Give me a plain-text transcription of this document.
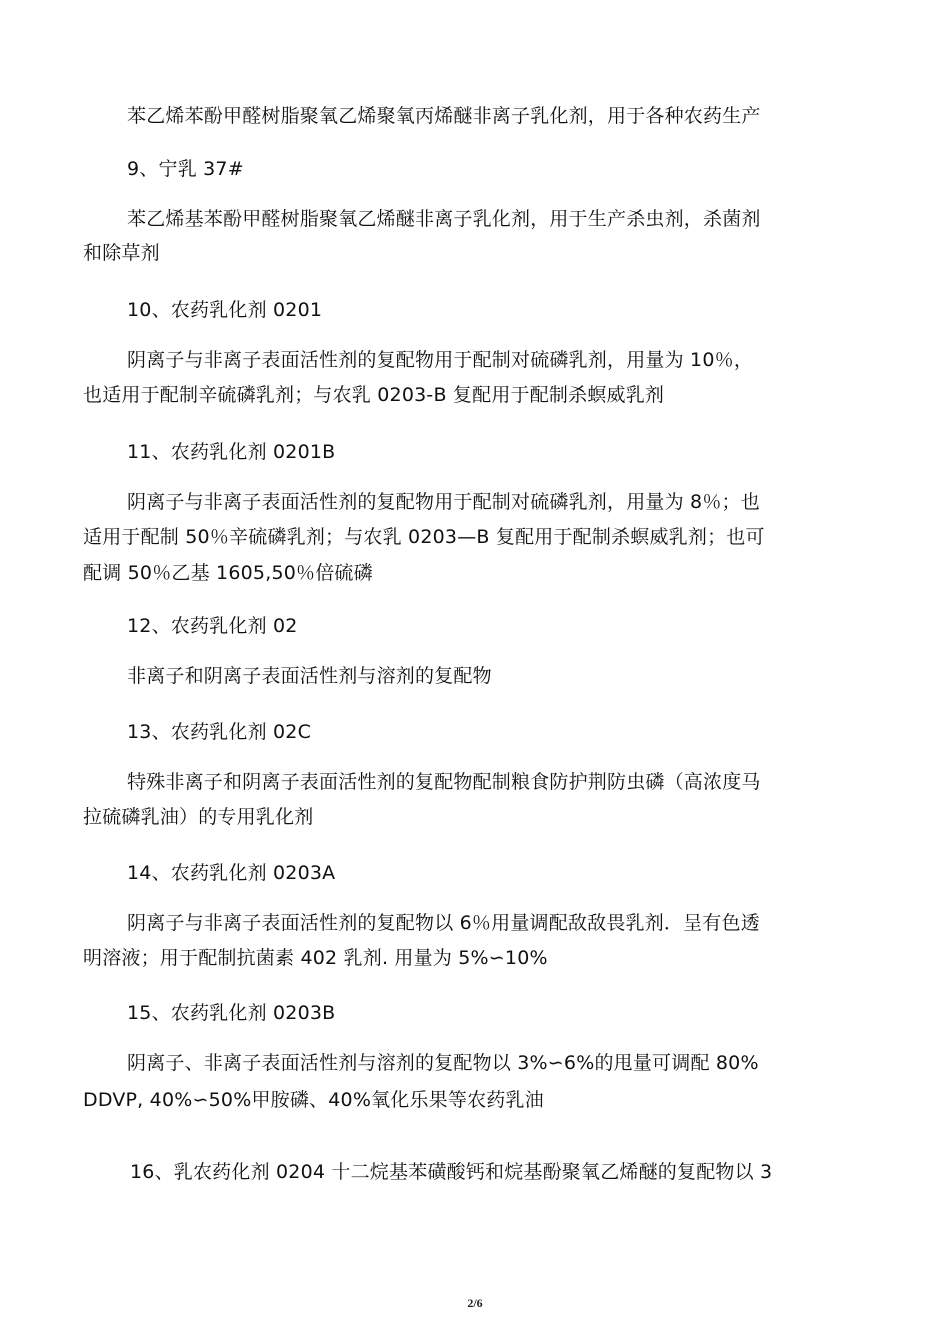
苯乙烯苯酚甲醛树脂聚氧乙烯聚氧丙烯醚非离子乳化剂，用于各种农药生产
9、宁乳 37#
苯乙烯基苯酚甲醛树脂聚氧乙烯醚非离子乳化剂，用于生产杀虫剂，杀菌剂
和除草剂
10、农药乳化剂 0201
阴离子与非离子表面活性剂的复配物用于配制对硫磷乳剂，用量为 10％，
也适用于配制辛硫磷乳剂；与农乳 0203-B 复配用于配制杀螟威乳剂
11、农药乳化剂 0201B
阴离子与非离子表面活性剂的复配物用于配制对硫磷乳剂，用量为 8％；也
适用于配制 50％辛硫磷乳剂；与农乳 0203—B 复配用于配制杀螟威乳剂；也可
配调 50％乙基 1605,50％倍硫磷
12、农药乳化剂 02
非离子和阴离子表面活性剂与溶剂的复配物
13、农药乳化剂 02C
特殊非离子和阴离子表面活性剂的复配物配制粮食防护荆防虫磷（高浓度马
拉硫磷乳油）的专用乳化剂
14、农药乳化剂 0203A
阴离子与非离子表面活性剂的复配物以 6％用量调配敌敌畏乳剂．呈有色透
明溶液；用于配制抗菌素 402 乳剂. 用量为 5%∽10%
15、农药乳化剂 0203B
阴离子、非离子表面活性剂与溶剂的复配物以 3%∽6%的甩量可调配 80%
DDVP, 40%∽50%甲胺磷、40%氧化乐果等农药乳油
16、乳农药化剂 0204 十二烷基苯磺酸钙和烷基酚聚氧乙烯醚的复配物以 3
2/6
